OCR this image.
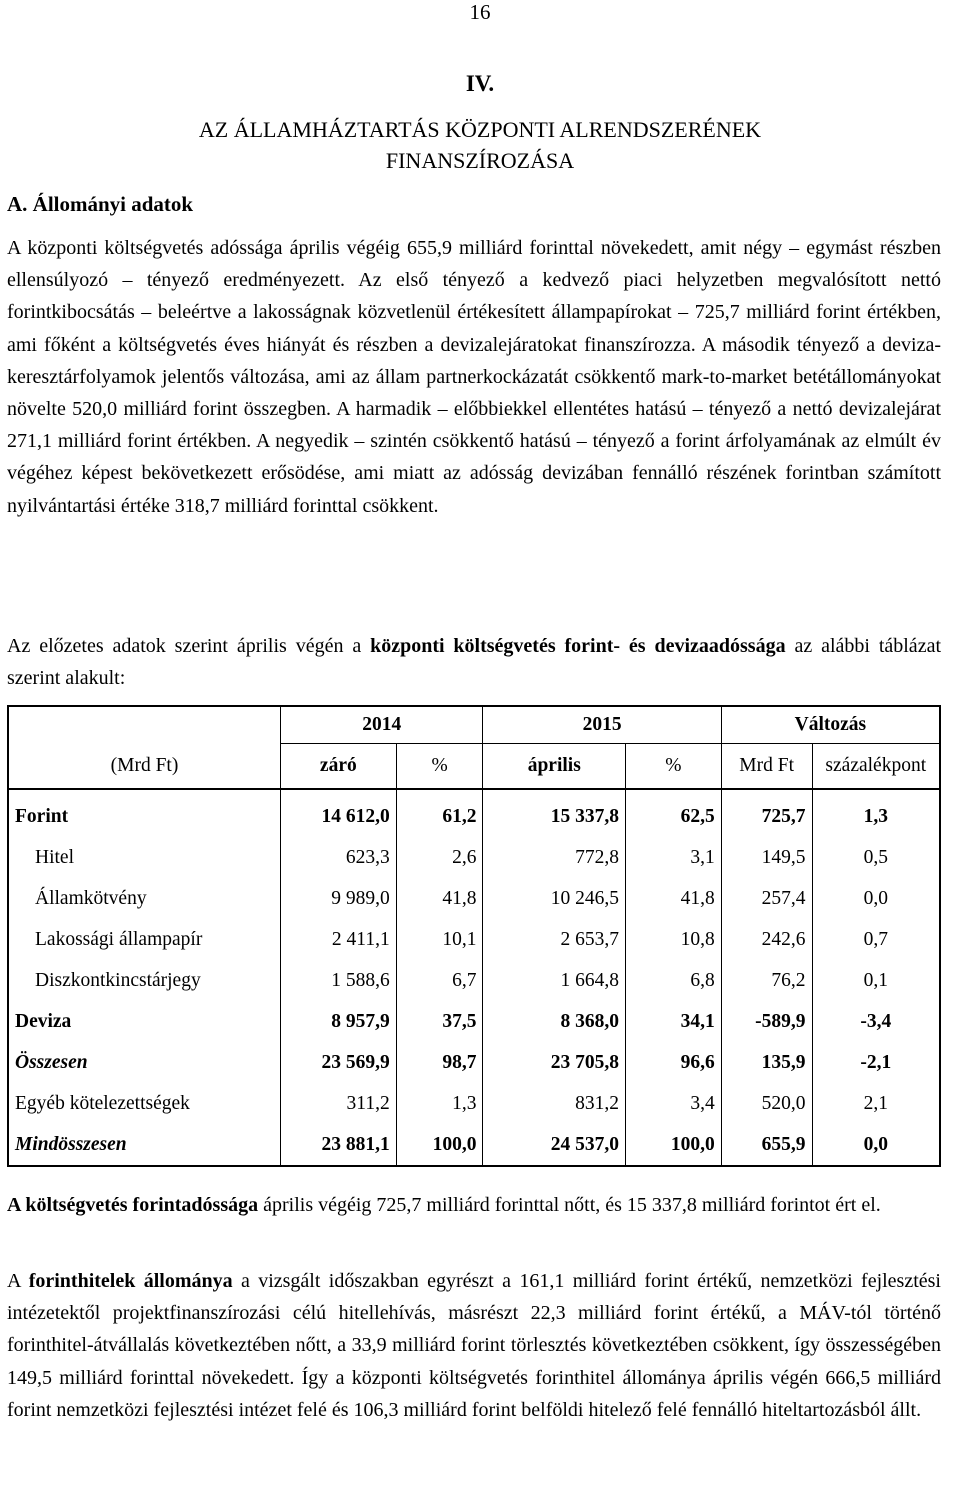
16
IV.
AZ ÁLLAMHÁZTARTÁS KÖZPONTI ALRENDSZERÉNEK
FINANSZÍROZÁSA
A. Állományi adatok

A központi költségvetés adóssága április végéig 655,9 milliárd forinttal növekedett, amit négy – egymást részben ellensúlyozó – tényező eredményezett. Az első tényező a kedvező piaci helyzetben megvalósított nettó forintkibocsátás – beleértve a lakosságnak közvetlenül értékesített állampapírokat – 725,7 milliárd forint értékben, ami főként a költségvetés éves hiányát és részben a devizalejáratokat finanszírozza. A második tényező a deviza-keresztárfolyamok jelentős változása, ami az állam partnerkockázatát csökkentő mark-to-market betétállományokat növelte 520,0 milliárd forint összegben. A harmadik – előbbiekkel ellentétes hatású – tényező a nettó devizalejárat 271,1 milliárd forint értékben. A negyedik – szintén csökkentő hatású – tényező a forint árfolyamának az elmúlt év végéhez képest bekövetkezett erősödése, ami miatt az adósság devizában fennálló részének forintban számított nyilvántartási értéke 318,7 milliárd forinttal csökkent.

Az előzetes adatok szerint április végén a központi költségvetés forint- és devizaadóssága az alábbi táblázat szerint alakult:

	2014		2015		Változás	
(Mrd Ft)	záró	%	április	%	Mrd Ft	százalékpont
Forint	14 612,0	61,2	15 337,8	62,5	725,7	1,3
Hitel	623,3	2,6	772,8	3,1	149,5	0,5
Államkötvény	9 989,0	41,8	10 246,5	41,8	257,4	0,0
Lakossági állampapír	2 411,1	10,1	2 653,7	10,8	242,6	0,7
Diszkontkincstárjegy	1 588,6	6,7	1 664,8	6,8	76,2	0,1
Deviza	8 957,9	37,5	8 368,0	34,1	-589,9	-3,4
Összesen	23 569,9	98,7	23 705,8	96,6	135,9	-2,1
Egyéb kötelezettségek	311,2	1,3	831,2	3,4	520,0	2,1
Mindösszesen	23 881,1	100,0	24 537,0	100,0	655,9	0,0

A költségvetés forintadóssága április végéig 725,7 milliárd forinttal nőtt, és 15 337,8 milliárd forintot ért el.

A forinthitelek állománya a vizsgált időszakban egyrészt a 161,1 milliárd forint értékű, nemzetközi fejlesztési intézetektől projektfinanszírozási célú hitellehívás, másrészt 22,3 milliárd forint értékű, a MÁV-tól történő forinthitel-átvállalás következtében nőtt, a 33,9 milliárd forint törlesztés következtében csökkent, így összességében 149,5 milliárd forinttal növekedett. Így a központi költségvetés forinthitel állománya április végén 666,5 milliárd forint nemzetközi fejlesztési intézet felé és 106,3 milliárd forint belföldi hitelező felé fennálló hiteltartozásból állt.
